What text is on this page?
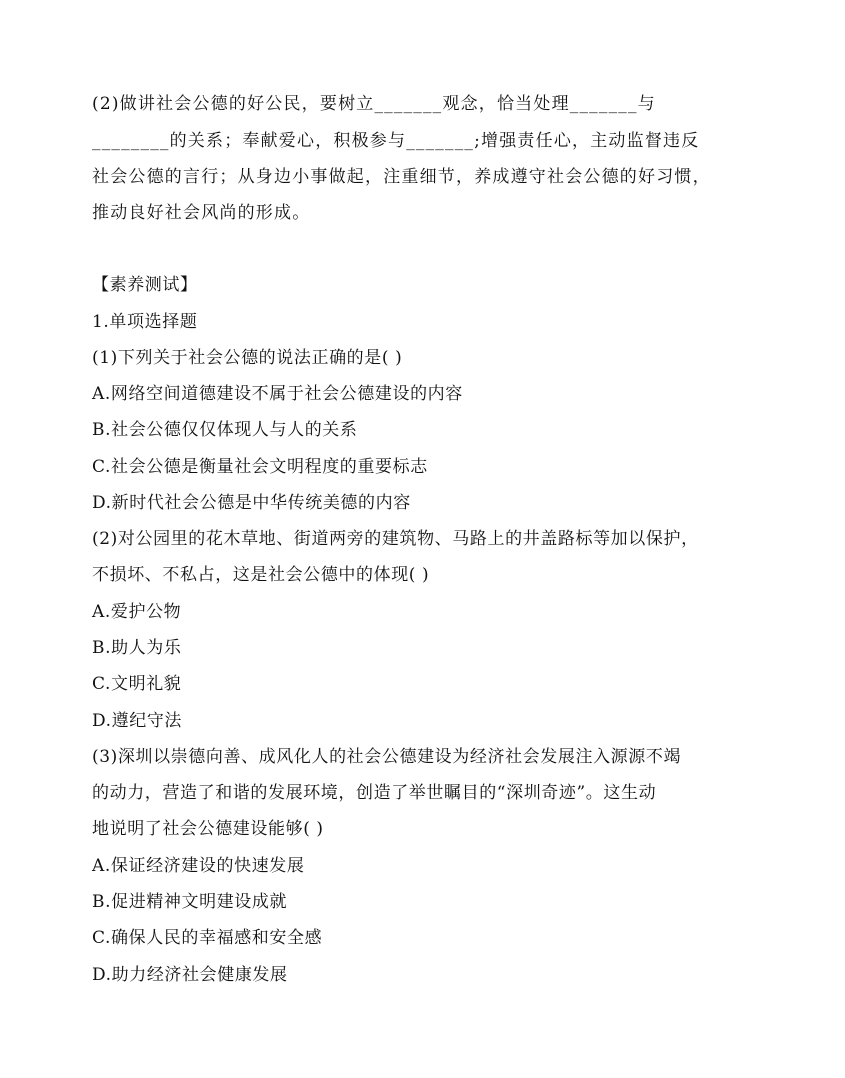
(2)做讲社会公德的好公民，要树立_______观念，恰当处理_______与
________的关系；奉献爱心，积极参与_______;增强责任心，主动监督违反
社会公德的言行；从身边小事做起，注重细节，养成遵守社会公德的好习惯，
推动良好社会风尚的形成。
【素养测试】
1.单项选择题
(1)下列关于社会公德的说法正确的是( )
A.网络空间道德建设不属于社会公德建设的内容
B.社会公德仅仅体现人与人的关系
C.社会公德是衡量社会文明程度的重要标志
D.新时代社会公德是中华传统美德的内容
(2)对公园里的花木草地、街道两旁的建筑物、马路上的井盖路标等加以保护，
不损坏、不私占，这是社会公德中的体现( )
A.爱护公物
B.助人为乐
C.文明礼貌
D.遵纪守法
(3)深圳以崇德向善、成风化人的社会公德建设为经济社会发展注入源源不竭
的动力，营造了和谐的发展环境，创造了举世瞩目的“深圳奇迹”。这生动
地说明了社会公德建设能够( )
A.保证经济建设的快速发展
B.促进精神文明建设成就
C.确保人民的幸福感和安全感
D.助力经济社会健康发展
